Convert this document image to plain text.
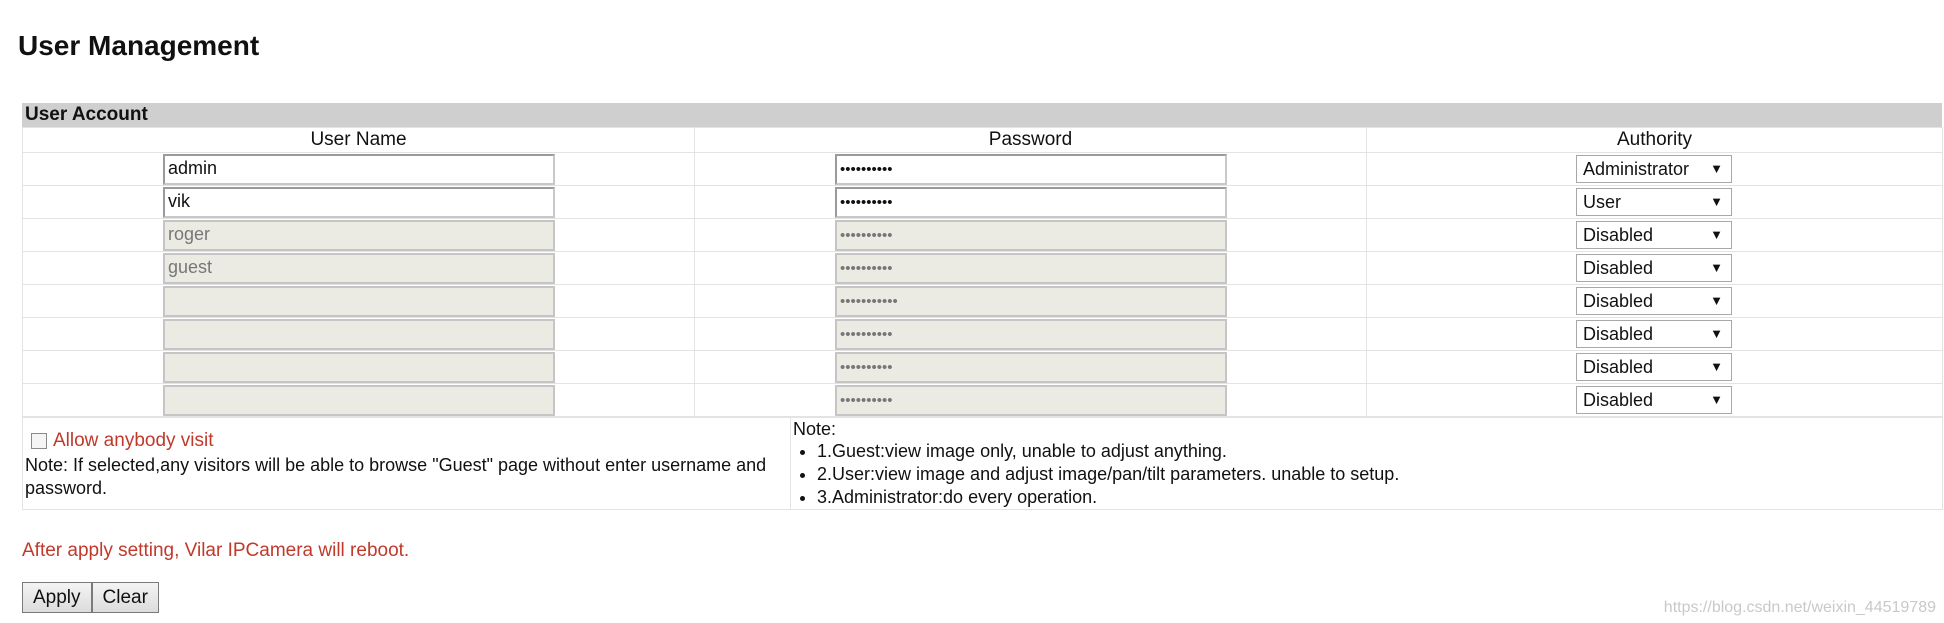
User Management
User Account
User Name	Password	Authority

admin	••••••••••	Administrator ▼

vik	••••••••••	User ▼

roger	••••••••••	Disabled ▼

guest	••••••••••	Disabled ▼

	•••••••••••	Disabled ▼

	••••••••••	Disabled ▼

	••••••••••	Disabled ▼

	••••••••••	Disabled ▼
Allow anybody visit
Note: If selected,any visitors will be able to browse "Guest" page without enter username and password.

Note:
• 1.Guest:view image only, unable to adjust anything.
• 2.User:view image and adjust image/pan/tilt parameters. unable to setup.
• 3.Administrator:do every operation.
After apply setting, Vilar IPCamera will reboot.
Apply	Clear	https://blog.csdn.net/weixin_44519789
